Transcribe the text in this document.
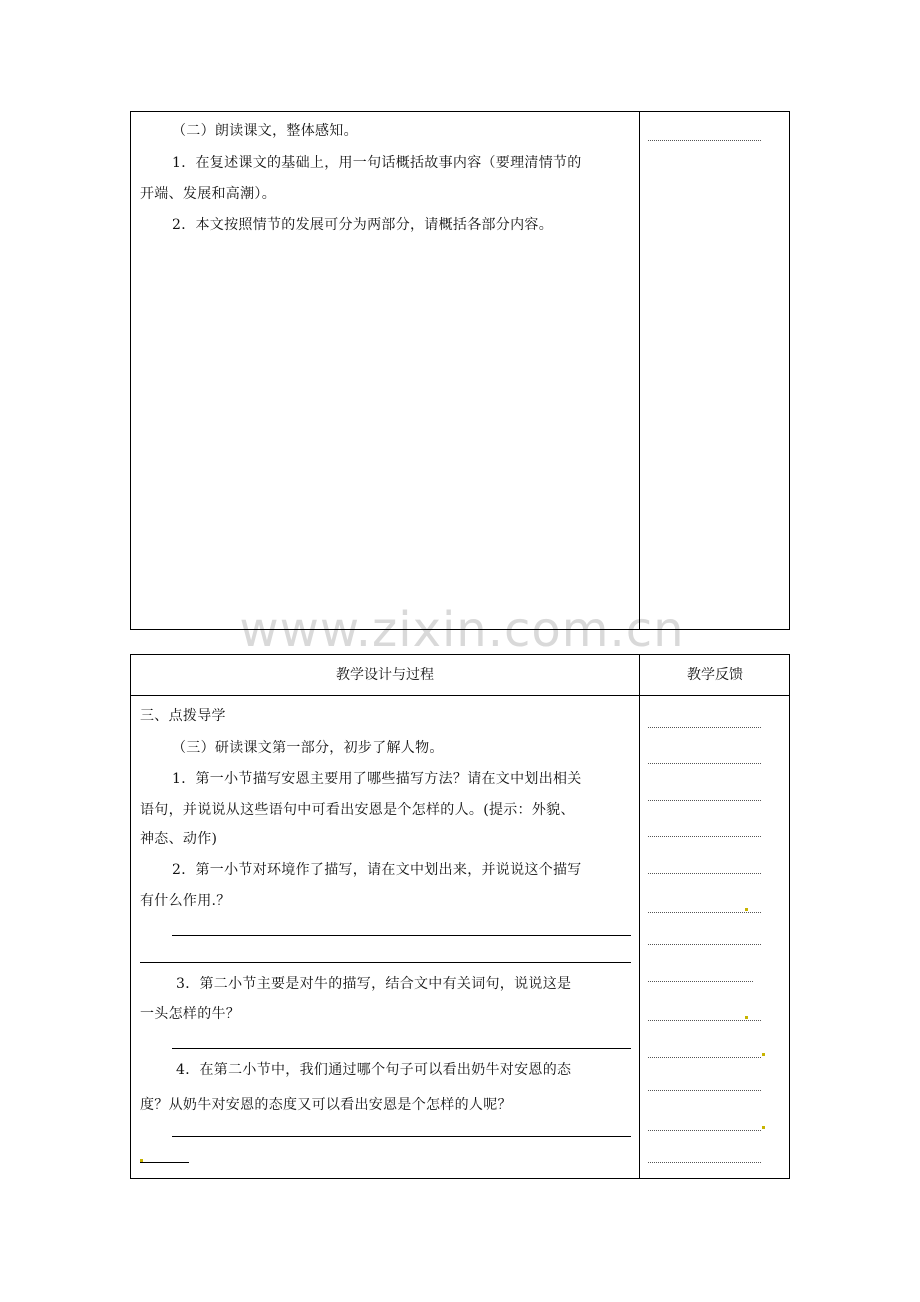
www.zixin.com.cn
（二）朗读课文，整体感知。
1．在复述课文的基础上，用一句话概括故事内容（要理清情节的
开端、发展和高潮）。
2．本文按照情节的发展可分为两部分，请概括各部分内容。
教学设计与过程	教学反馈
三、点拨导学
（三）研读课文第一部分，初步了解人物。
1．第一小节描写安恩主要用了哪些描写方法？请在文中划出相关
语句，并说说从这些语句中可看出安恩是个怎样的人。(提示：外貌、
神态、动作)
2．第一小节对环境作了描写，请在文中划出来，并说说这个描写
有什么作用.？
3．第二小节主要是对牛的描写，结合文中有关词句，说说这是
一头怎样的牛？
4．在第二小节中，我们通过哪个句子可以看出奶牛对安恩的态
度？从奶牛对安恩的态度又可以看出安恩是个怎样的人呢？
